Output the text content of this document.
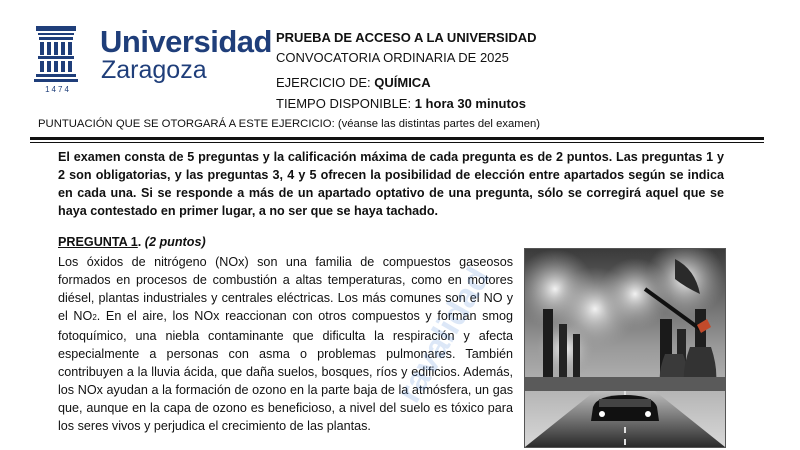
1474
Universidad
Zaragoza
PRUEBA DE ACCESO A LA UNIVERSIDAD
CONVOCATORIA ORDINARIA DE 2025
EJERCICIO DE: QUÍMICA
TIEMPO DISPONIBLE: 1 hora 30 minutos
PUNTUACIÓN QUE SE OTORGARÁ A ESTE EJERCICIO: (véanse las distintas partes del examen)

El examen consta de 5 preguntas y la calificación máxima de cada pregunta es de 2 puntos. Las preguntas 1 y 2 son obligatorias, y las preguntas 3, 4 y 5 ofrecen la posibilidad de elección entre apartados según se indica en cada una. Si se responde a más de un apartado optativo de una pregunta, sólo se corregirá aquel que se haya contestado en primer lugar, a no ser que se haya tachado.

PREGUNTA 1. (2 puntos)

Los óxidos de nitrógeno (NOx) son una familia de compuestos gaseosos formados en procesos de combustión a altas temperaturas, como en motores diésel, plantas industriales y centrales eléctricas. Los más comunes son el NO y el NO2. En el aire, los NOx reaccionan con otros compuestos y forman smog fotoquímico, una niebla contaminante que dificulta la respiración y afecta especialmente a personas con asma o problemas pulmonares. También contribuyen a la lluvia ácida, que daña suelos, bosques, ríos y edificios. Además, los NOx ayudan a la formación de ozono en la parte baja de la atmósfera, un gas que, aunque en la capa de ozono es beneficioso, a nivel del suelo es tóxico para los seres vivos y perjudica el crecimiento de las plantas.

ravalidad
